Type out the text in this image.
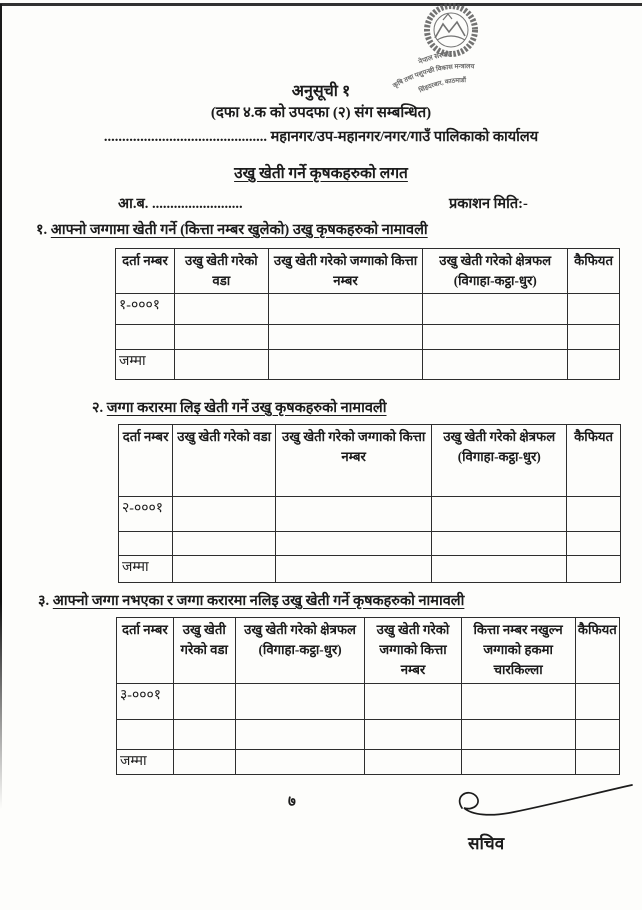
नेपाल सरकार
कृषि तथा पशुपन्छी विकास मन्त्रालय
सिंहदरबार, काठमाडौं
अनुसूची १
(दफा ४.क को उपदफा (२) संग सम्बन्धित)
............................................. महानगर/उप-महानगर/नगर/गाउँ पालिकाको कार्यालय
उखु खेती गर्ने कृषकहरुको लगत
आ.ब. .........................	प्रकाशन मिति:-
१. आफ्नो जग्गामा खेती गर्ने (कित्ता नम्बर खुलेको) उखु कृषकहरुको नामावली
दर्ता नम्बर	उखु खेती गरेको वडा	उखु खेती गरेको जग्गाको कित्ता नम्बर	उखु खेती गरेको क्षेत्रफल (विगाहा-कट्ठा-धुर)	कैफियत
१-०००१				

जम्मा				
२. जग्गा करारमा लिइ खेती गर्ने उखु कृषकहरुको नामावली
दर्ता नम्बर	उखु खेती गरेको वडा	उखु खेती गरेको जग्गाको कित्ता नम्बर	उखु खेती गरेको क्षेत्रफल (विगाहा-कट्ठा-धुर)	कैफियत
२-०००१				

जम्मा				
३. आफ्नो जग्गा नभएका र जग्गा करारमा नलिइ उखु खेती गर्ने कृषकहरुको नामावली
दर्ता नम्बर	उखु खेती गरेको वडा	उखु खेती गरेको क्षेत्रफल (विगाहा-कट्ठा-धुर)	उखु खेती गरेको जग्गाको कित्ता नम्बर	कित्ता नम्बर नखुल्न जग्गाको हकमा चारकिल्ला	कैफियत
३-०००१					

जम्मा					
७
सचिव
